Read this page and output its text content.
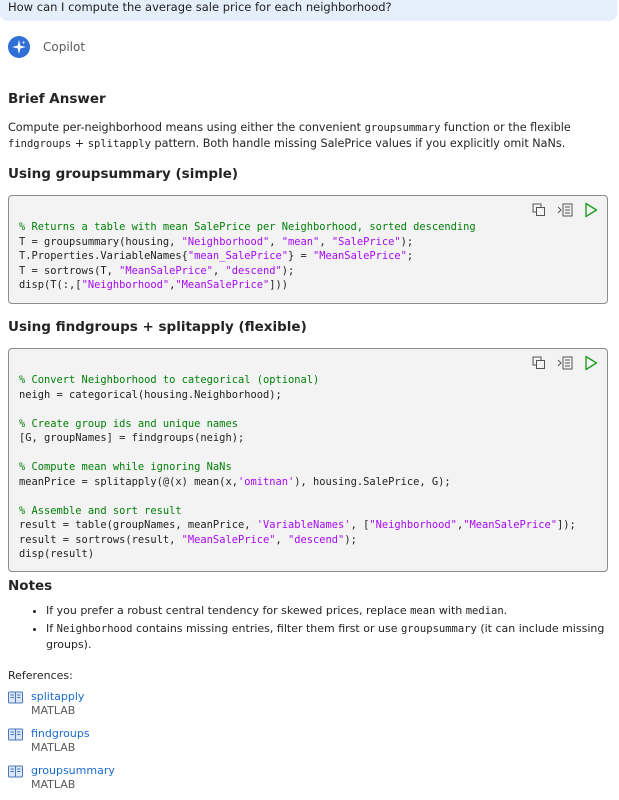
How can I compute the average sale price for each neighborhood?
Copilot
Brief Answer

Compute per-neighborhood means using either the convenient groupsummary function or the flexible findgroups + splitapply pattern. Both handle missing SalePrice values if you explicitly omit NaNs.

Using groupsummary (simple)
% Returns a table with mean SalePrice per Neighborhood, sorted descending
T = groupsummary(housing, "Neighborhood", "mean", "SalePrice");
T.Properties.VariableNames{"mean_SalePrice"} = "MeanSalePrice";
T = sortrows(T, "MeanSalePrice", "descend");
disp(T(:,["Neighborhood","MeanSalePrice"]))

Using findgroups + splitapply (flexible)
% Convert Neighborhood to categorical (optional)
neigh = categorical(housing.Neighborhood);

% Create group ids and unique names
[G, groupNames] = findgroups(neigh);

% Compute mean while ignoring NaNs
meanPrice = splitapply(@(x) mean(x,'omitnan'), housing.SalePrice, G);

% Assemble and sort result
result = table(groupNames, meanPrice, 'VariableNames', ["Neighborhood","MeanSalePrice"]);
result = sortrows(result, "MeanSalePrice", "descend");
disp(result)

Notes
• If you prefer a robust central tendency for skewed prices, replace mean with median.
• If Neighborhood contains missing entries, filter them first or use groupsummary (it can include missing groups).
References:
splitapply
MATLAB
findgroups
MATLAB
groupsummary
MATLAB
